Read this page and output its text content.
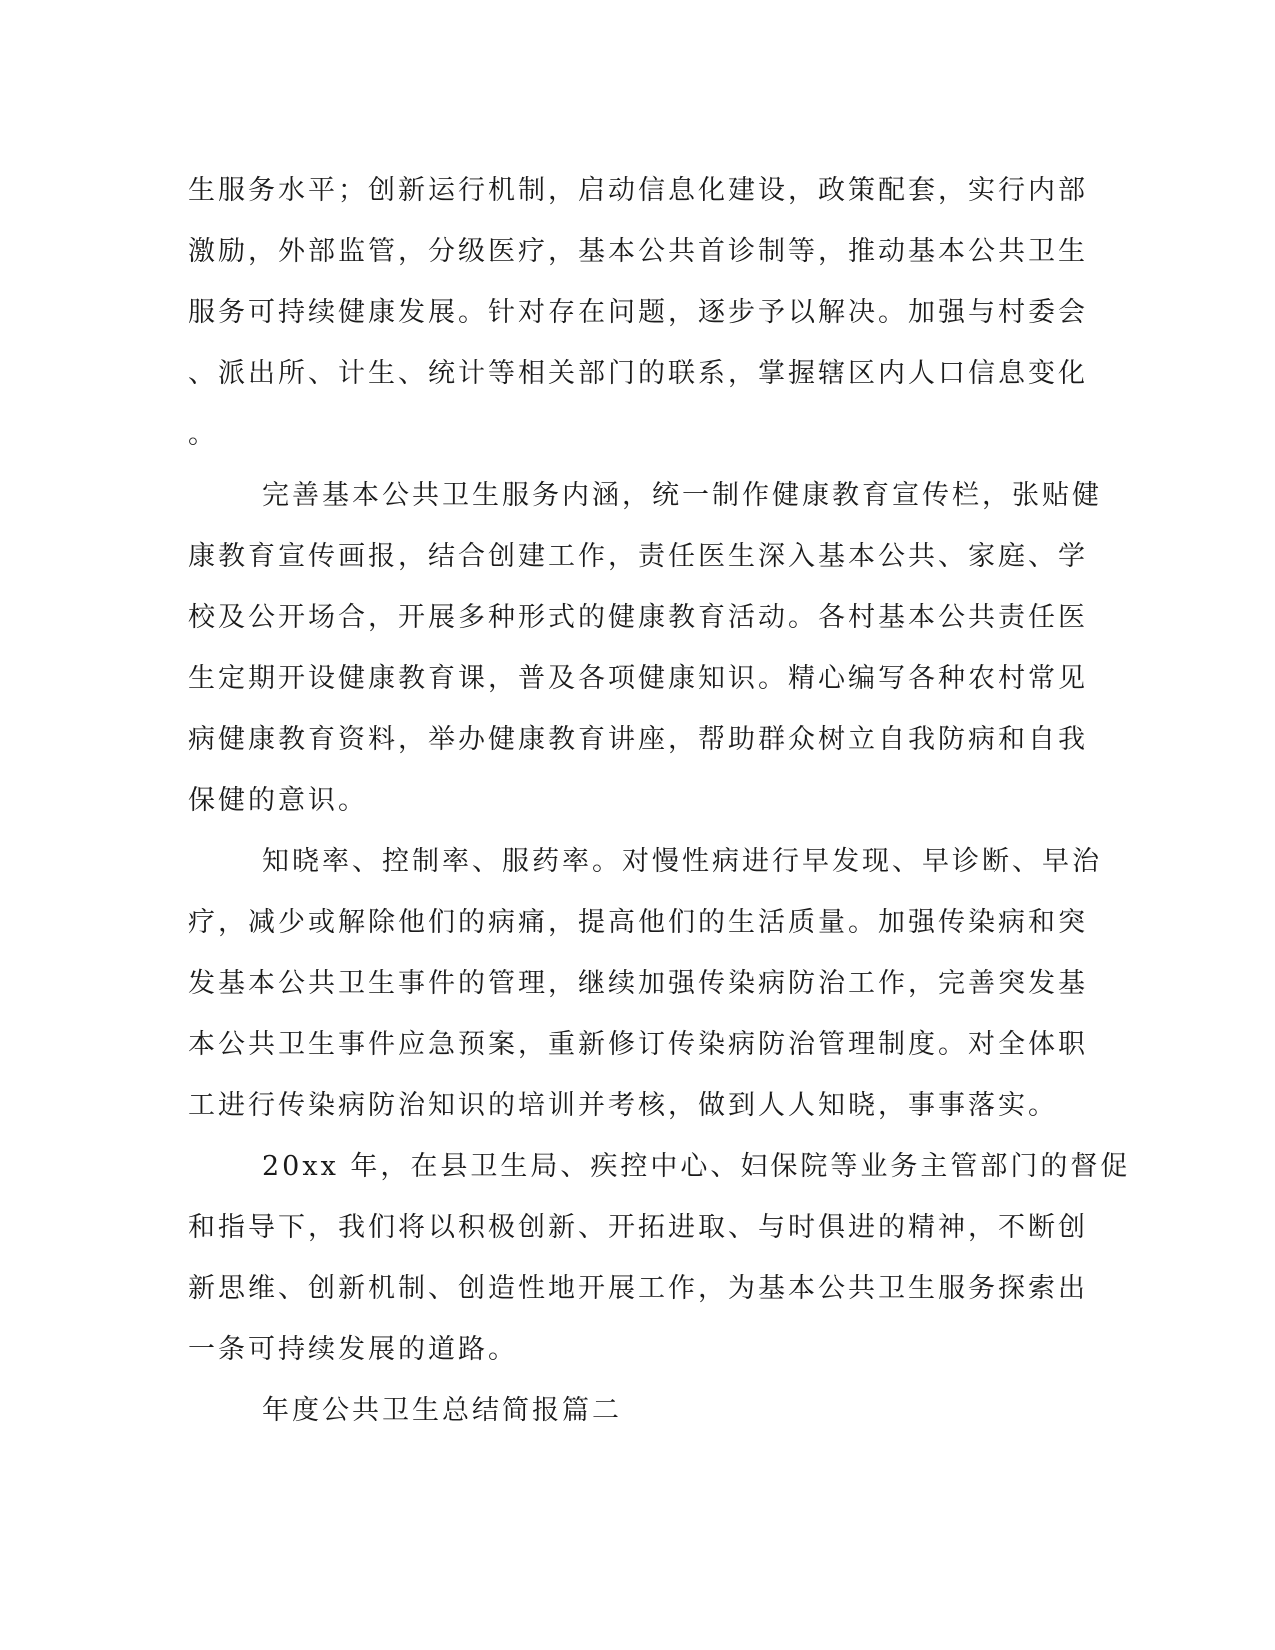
生服务水平；创新运行机制，启动信息化建设，政策配套，实行内部
激励，外部监管，分级医疗，基本公共首诊制等，推动基本公共卫生
服务可持续健康发展。针对存在问题，逐步予以解决。加强与村委会
、派出所、计生、统计等相关部门的联系，掌握辖区内人口信息变化
。
完善基本公共卫生服务内涵，统一制作健康教育宣传栏，张贴健
康教育宣传画报，结合创建工作，责任医生深入基本公共、家庭、学
校及公开场合，开展多种形式的健康教育活动。各村基本公共责任医
生定期开设健康教育课，普及各项健康知识。精心编写各种农村常见
病健康教育资料，举办健康教育讲座，帮助群众树立自我防病和自我
保健的意识。
知晓率、控制率、服药率。对慢性病进行早发现、早诊断、早治
疗，减少或解除他们的病痛，提高他们的生活质量。加强传染病和突
发基本公共卫生事件的管理，继续加强传染病防治工作，完善突发基
本公共卫生事件应急预案，重新修订传染病防治管理制度。对全体职
工进行传染病防治知识的培训并考核，做到人人知晓，事事落实。
20xx 年，在县卫生局、疾控中心、妇保院等业务主管部门的督促
和指导下，我们将以积极创新、开拓进取、与时俱进的精神，不断创
新思维、创新机制、创造性地开展工作，为基本公共卫生服务探索出
一条可持续发展的道路。
年度公共卫生总结简报篇二
